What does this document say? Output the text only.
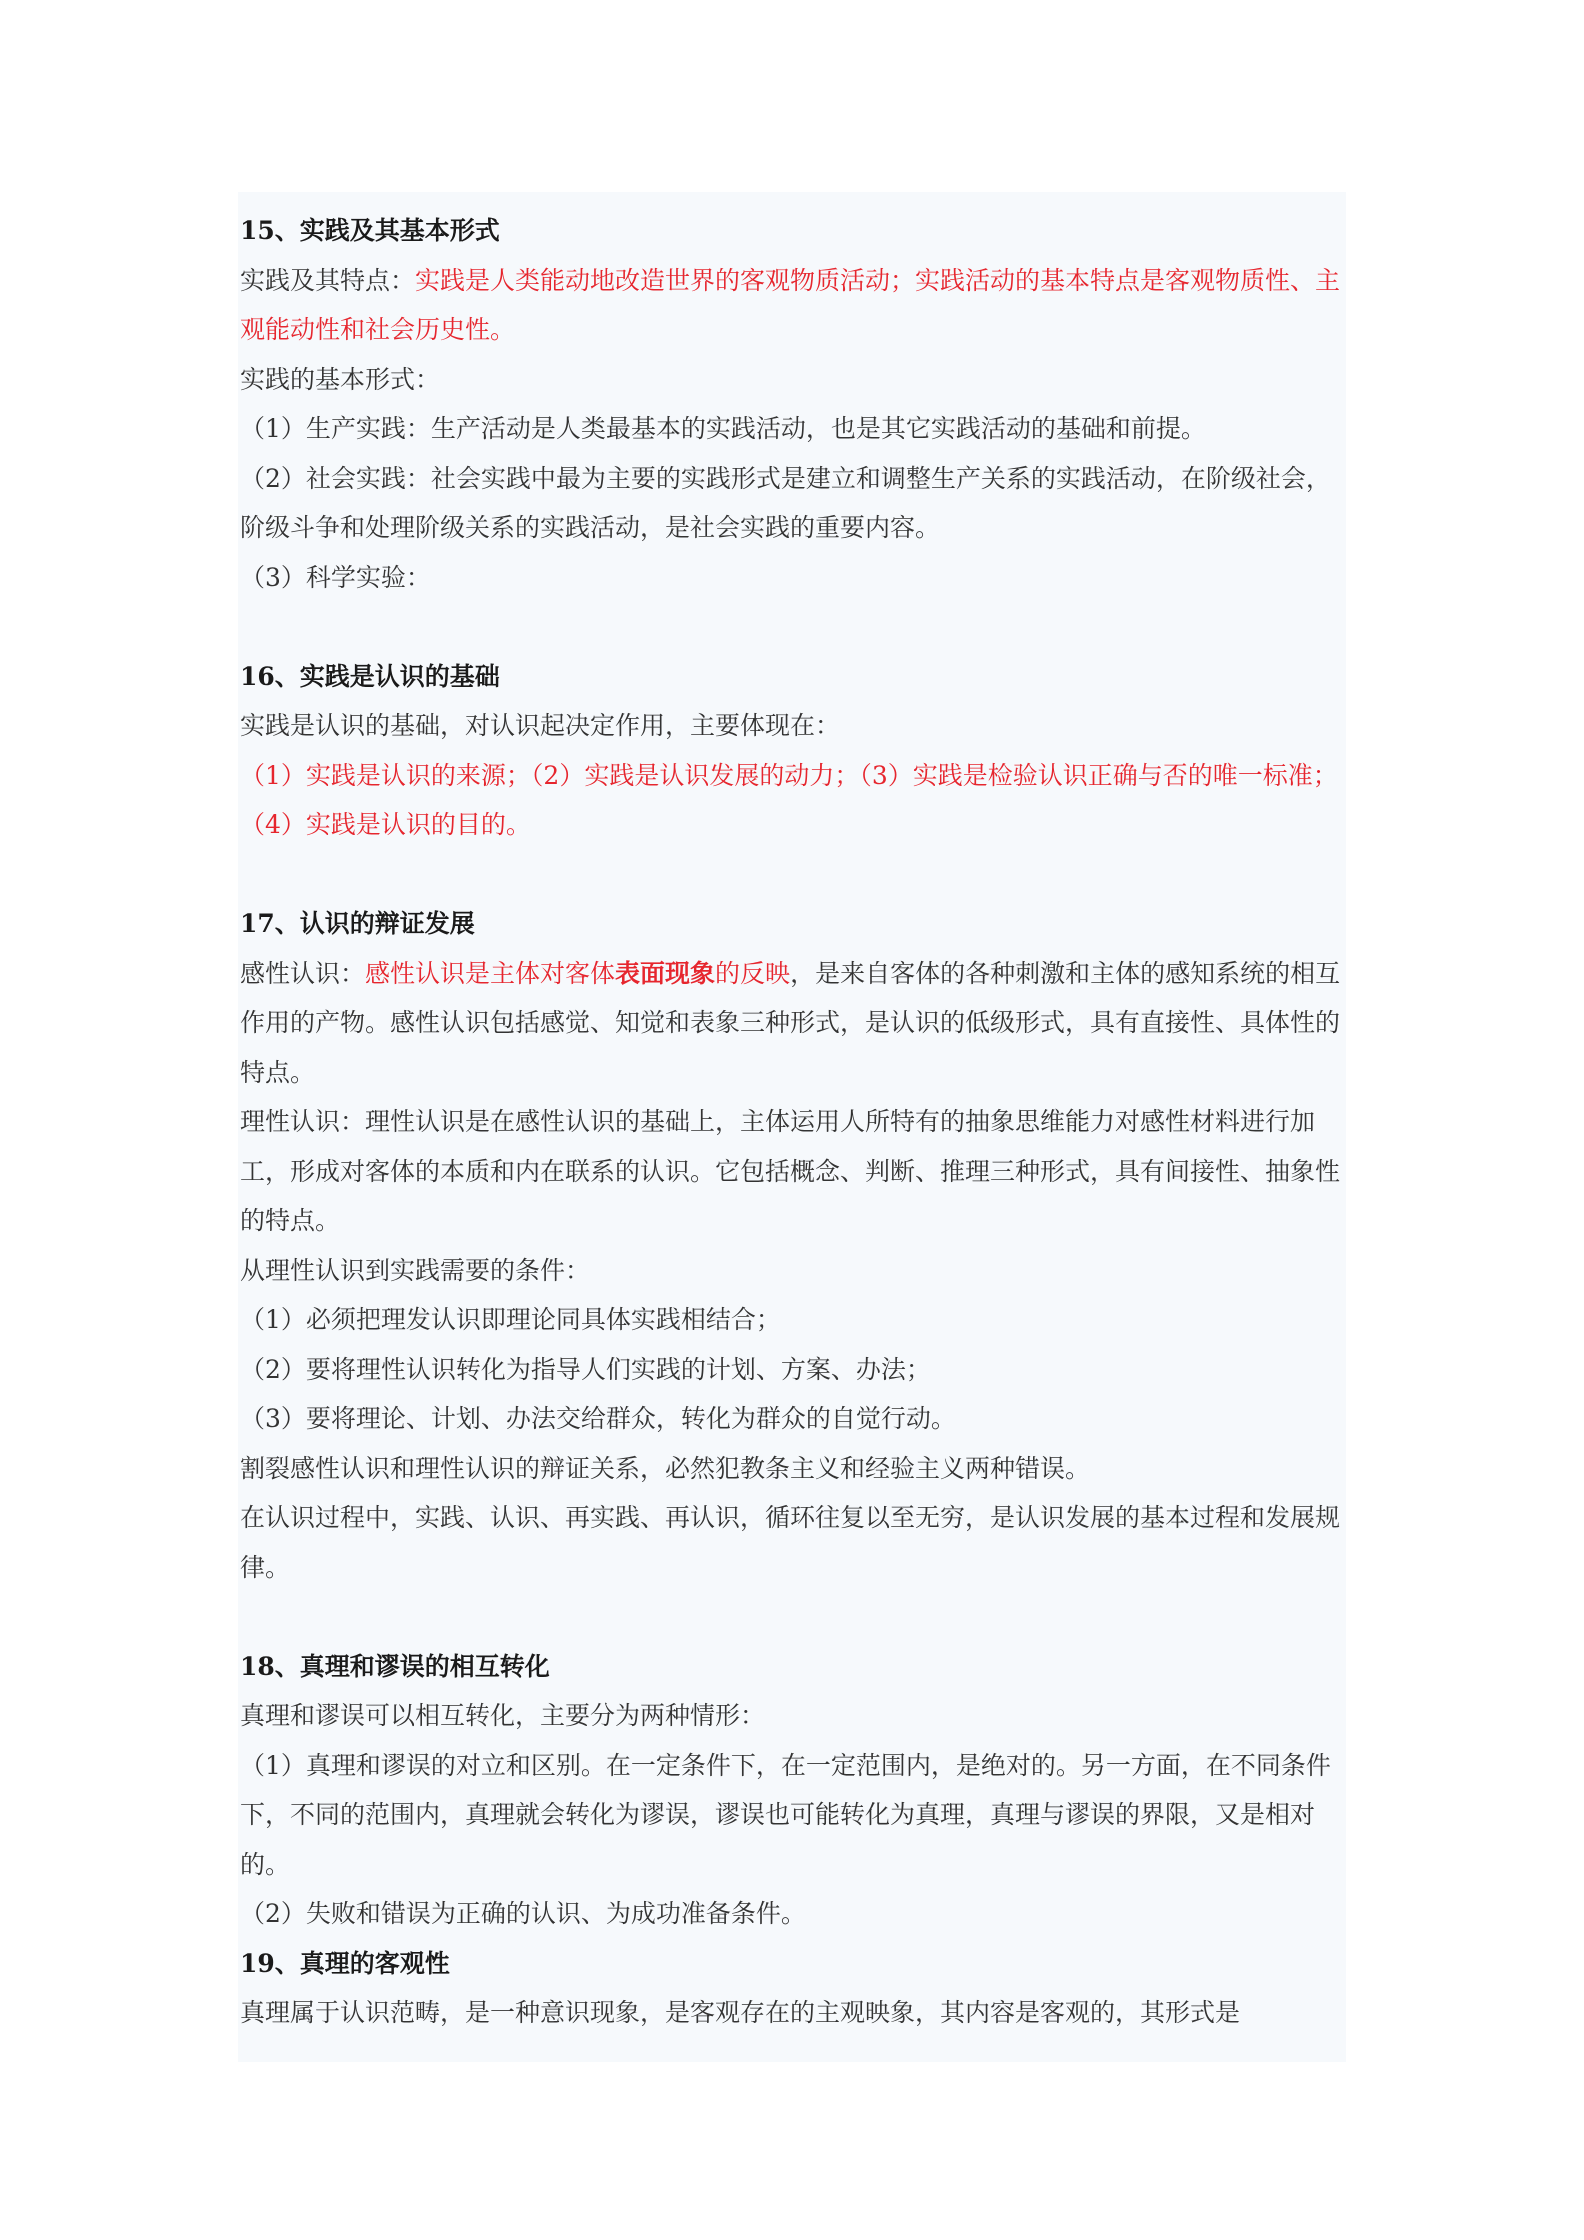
15、实践及其基本形式

实践及其特点：实践是人类能动地改造世界的客观物质活动；实践活动的基本特点是客观物质性、主观能动性和社会历史性。

实践的基本形式：

（1）生产实践：生产活动是人类最基本的实践活动，也是其它实践活动的基础和前提。

（2）社会实践：社会实践中最为主要的实践形式是建立和调整生产关系的实践活动，在阶级社会，阶级斗争和处理阶级关系的实践活动，是社会实践的重要内容。

（3）科学实验：

16、实践是认识的基础

实践是认识的基础，对认识起决定作用，主要体现在：

（1）实践是认识的来源；（2）实践是认识发展的动力；（3）实践是检验认识正确与否的唯一标准；（4）实践是认识的目的。

17、认识的辩证发展

感性认识：感性认识是主体对客体表面现象的反映，是来自客体的各种刺激和主体的感知系统的相互作用的产物。感性认识包括感觉、知觉和表象三种形式，是认识的低级形式，具有直接性、具体性的特点。

理性认识：理性认识是在感性认识的基础上，主体运用人所特有的抽象思维能力对感性材料进行加工，形成对客体的本质和内在联系的认识。它包括概念、判断、推理三种形式，具有间接性、抽象性的特点。

从理性认识到实践需要的条件：

（1）必须把理发认识即理论同具体实践相结合；

（2）要将理性认识转化为指导人们实践的计划、方案、办法；

（3）要将理论、计划、办法交给群众，转化为群众的自觉行动。

割裂感性认识和理性认识的辩证关系，必然犯教条主义和经验主义两种错误。

在认识过程中，实践、认识、再实践、再认识，循环往复以至无穷，是认识发展的基本过程和发展规律。

18、真理和谬误的相互转化

真理和谬误可以相互转化，主要分为两种情形：

（1）真理和谬误的对立和区别。在一定条件下，在一定范围内，是绝对的。另一方面，在不同条件下，不同的范围内，真理就会转化为谬误，谬误也可能转化为真理，真理与谬误的界限，又是相对的。

（2）失败和错误为正确的认识、为成功准备条件。

19、真理的客观性

真理属于认识范畴，是一种意识现象，是客观存在的主观映象，其内容是客观的，其形式是
